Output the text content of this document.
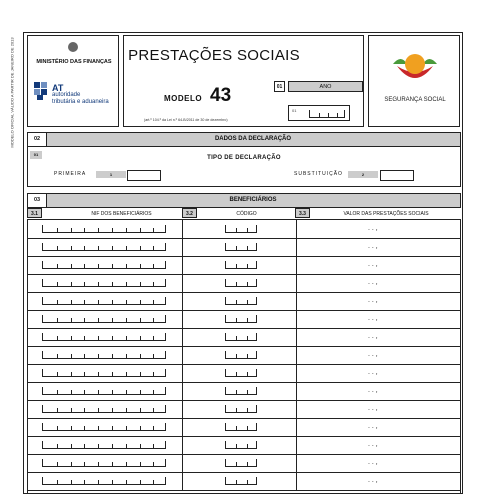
MODELO OFICIAL VÁLIDO A PARTIR DE JANEIRO DE 2013	MINISTÉRIO DAS FINANÇAS
AT
autoridade
tributária e aduaneira
PRESTAÇÕES SOCIAIS
MODELO 43
(art.º 104.º da Lei n.º 64-B/2011 de 30 de dezembro)
01	ANO
01
SEGURANÇA SOCIAL
02	DADOS DA DECLARAÇÃO
01
TIPO DE DECLARAÇÃO
PRIMEIRA	1	SUBSTITUIÇÃO	2
03	BENEFICIÁRIOS
3.1	NIF DOS BENEFICIÁRIOS	3.2	CÓDIGO	3.3	VALOR DAS PRESTAÇÕES SOCIAIS
. . ,
. . ,
. . ,
. . ,
. . ,
. . ,
. . ,
. . ,
. . ,
. . ,
. . ,
. . ,
. . ,
. . ,
. . ,
